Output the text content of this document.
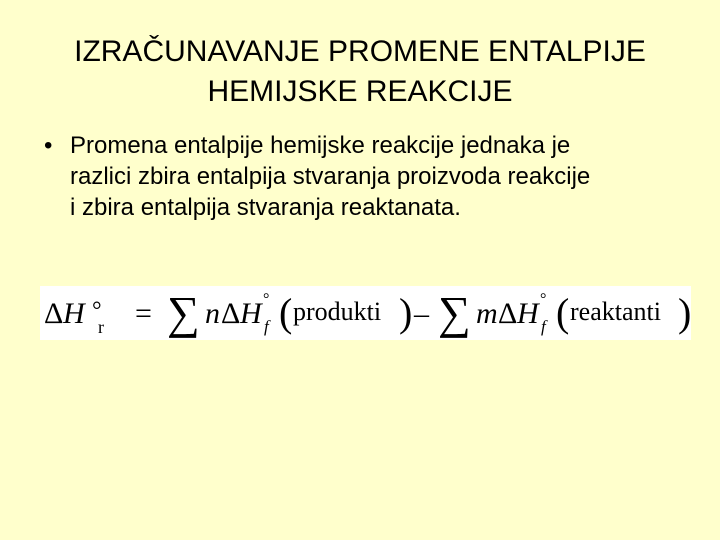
IZRAČUNAVANJE PROMENE ENTALPIJE
HEMIJSKE REAKCIJE
• Promena entalpije hemijske reakcije jednaka je
razlici zbira entalpija stvaranja proizvoda reakcije
i zbira entalpija stvaranja reaktanata.
Δ H °
r = ∑ n Δ H °
f ( produkti ) – ∑ m Δ H °
f ( reaktanti )
